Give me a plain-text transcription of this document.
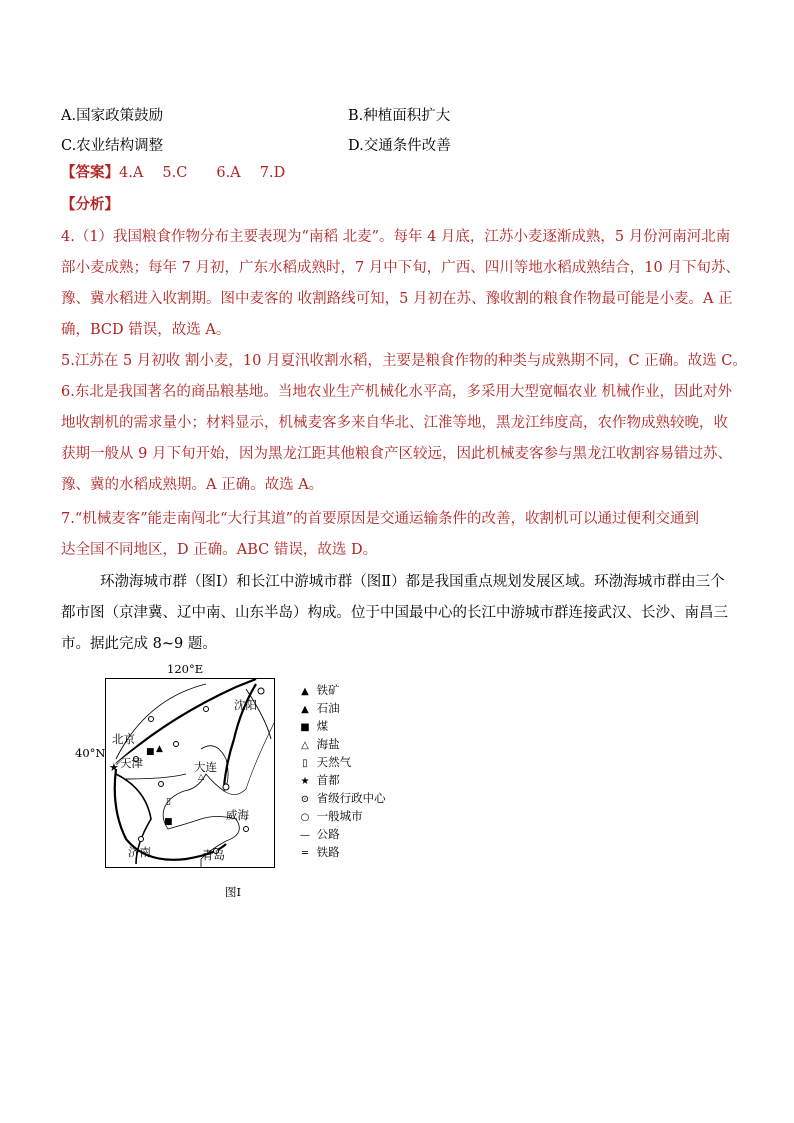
A.国家政策鼓励	B.种植面积扩大
C.农业结构调整	D.交通条件改善
【答案】4.A　 5.C　　6.A　 7.D
【分析】
4.（1）我国粮食作物分布主要表现为“南稻 北麦”。每年 4 月底，江苏小麦逐渐成熟，5 月份河南河北南
部小麦成熟；每年 7 月初，广东水稻成熟时，7 月中下旬，广西、四川等地水稻成熟结合，10 月下旬苏、
豫、冀水稻进入收割期。图中麦客的 收割路线可知，5 月初在苏、豫收割的粮食作物最可能是小麦。A 正
确，BCD 错误，故选 A。
5.江苏在 5 月初收 割小麦，10 月夏汛收割水稻，主要是粮食作物的种类与成熟期不同，C 正确。故选 C。
6.东北是我国著名的商品粮基地。当地农业生产机械化水平高，多采用大型宽幅农业 机械作业，因此对外
地收割机的需求量小；材料显示，机械麦客多来自华北、江淮等地，黑龙江纬度高，农作物成熟较晚，收
获期一般从 9 月下旬开始，因为黑龙江距其他粮食产区较远，因此机械麦客参与黑龙江收割容易错过苏、
豫、冀的水稻成熟期。A 正确。故选 A。
7.“机械麦客”能走南闯北“大行其道”的首要原因是交通运输条件的改善，收割机可以通过便利交通到
达全国不同地区，D 正确。ABC 错误，故选 D。
环渤海城市群（图Ⅰ）和长江中游城市群（图Ⅱ）都是我国重点规划发展区域。环渤海城市群由三个
都市图（京津冀、辽中南、山东半岛）构成。位于中国最中心的长江中游城市群连接武汉、长沙、南昌三
市。据此完成 8~9 题。
120°E
40°N	■ ▲
★
▯
■
△
沈阳
北京
天津	大连
威海
济南	青岛
▲ 铁矿
▲ 石油
■ 煤
△ 海盐
▯ 天然气
★ 首都
⊙ 省级行政中心
○ 一般城市
— 公路
═ 铁路
图Ⅰ
